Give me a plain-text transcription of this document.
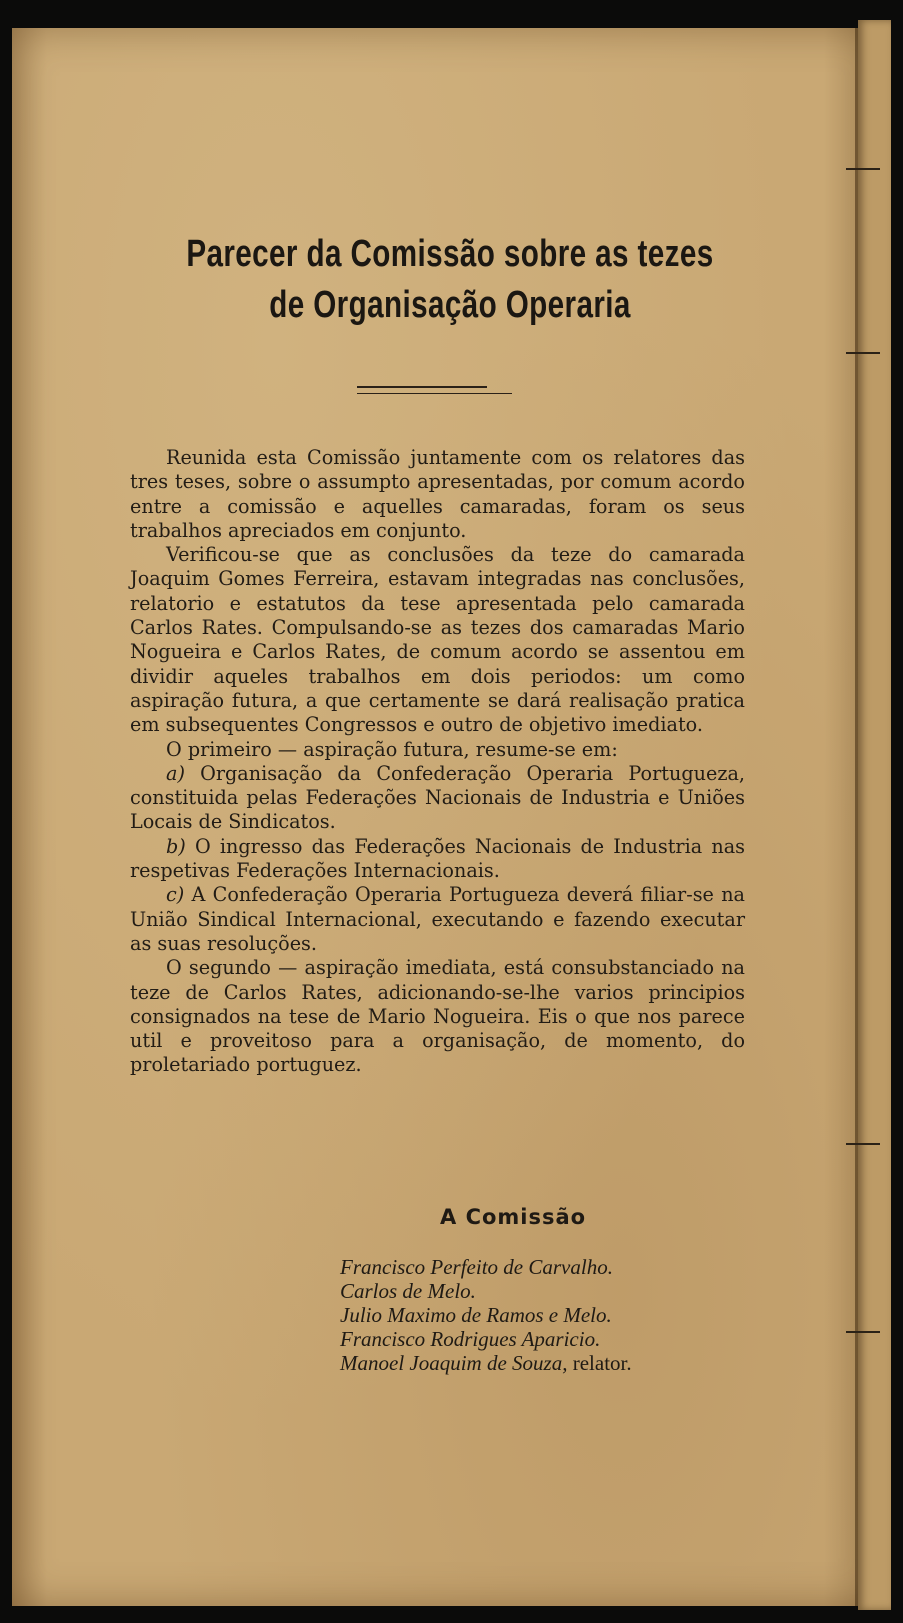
Parecer da Comissão sobre as tezes
de Organisação Operaria

Reunida esta Comissão juntamente com os relatores das tres teses, sobre o assumpto apresentadas, por comum acordo entre a comissão e aquelles camaradas, foram os seus trabalhos apreciados em conjunto.

Verificou-se que as conclusões da teze do camarada Joaquim Gomes Ferreira, estavam integradas nas conclusões, relatorio e estatutos da tese apresentada pelo camarada Carlos Rates. Compulsando-se as tezes dos camaradas Mario Nogueira e Carlos Rates, de comum acordo se assentou em dividir aqueles trabalhos em dois periodos: um como aspiração futura, a que certamente se dará realisação pratica em subsequentes Congressos e outro de objetivo imediato.

O primeiro — aspiração futura, resume-se em:

a) Organisação da Confederação Operaria Portugueza, constituida pelas Federações Nacionais de Industria e Uniões Locais de Sindicatos.

b) O ingresso das Federações Nacionais de Industria nas respetivas Federações Internacionais.

c) A Confederação Operaria Portugueza deverá filiar-se na União Sindical Internacional, executando e fazendo executar as suas resoluções.

O segundo — aspiração imediata, está consubstanciado na teze de Carlos Rates, adicionando-se-lhe varios principios consignados na tese de Mario Nogueira. Eis o que nos parece util e proveitoso para a organisação, de momento, do proletariado portuguez.

A Comissão
Francisco Perfeito de Carvalho.
Carlos de Melo.
Julio Maximo de Ramos e Melo.
Francisco Rodrigues Aparicio.
Manoel Joaquim de Souza, relator.
